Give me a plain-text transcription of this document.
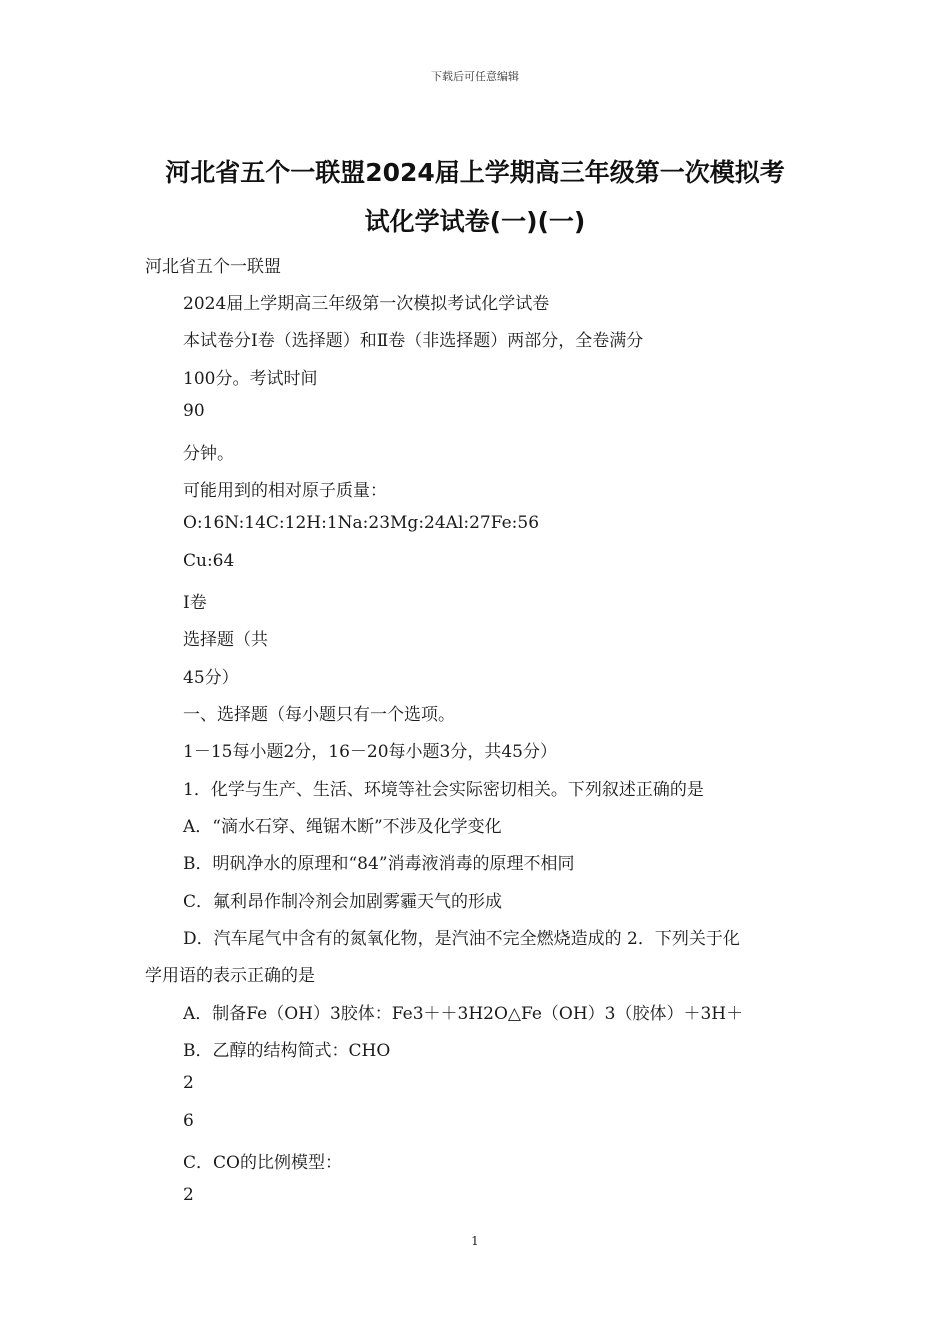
下载后可任意编辑
河北省五个一联盟2024届上学期高三年级第一次模拟考
试化学试卷(一)(一)
河北省五个一联盟
2024届上学期高三年级第一次模拟考试化学试卷
本试卷分Ⅰ卷（选择题）和Ⅱ卷（非选择题）两部分，全卷满分
100分。考试时间
90
分钟。
可能用到的相对原子质量：
O:16N:14C:12H:1Na:23Mg:24Al:27Fe:56
Cu:64
Ⅰ卷
选择题（共
45分）
一、选择题（每小题只有一个选项。
1－15每小题2分，16－20每小题3分，共45分）
1．化学与生产、生活、环境等社会实际密切相关。下列叙述正确的是
A．“滴水石穿、绳锯木断”不涉及化学变化
B．明矾净水的原理和“84”消毒液消毒的原理不相同
C．氟利昂作制冷剂会加剧雾霾天气的形成
D．汽车尾气中含有的氮氧化物，是汽油不完全燃烧造成的 2．下列关于化
学用语的表示正确的是
A．制备Fe（OH）3胶体：Fe3＋＋3H2O△Fe（OH）3（胶体）＋3H＋
B．乙醇的结构简式：CHO
2
6
C．CO的比例模型：
2
1
